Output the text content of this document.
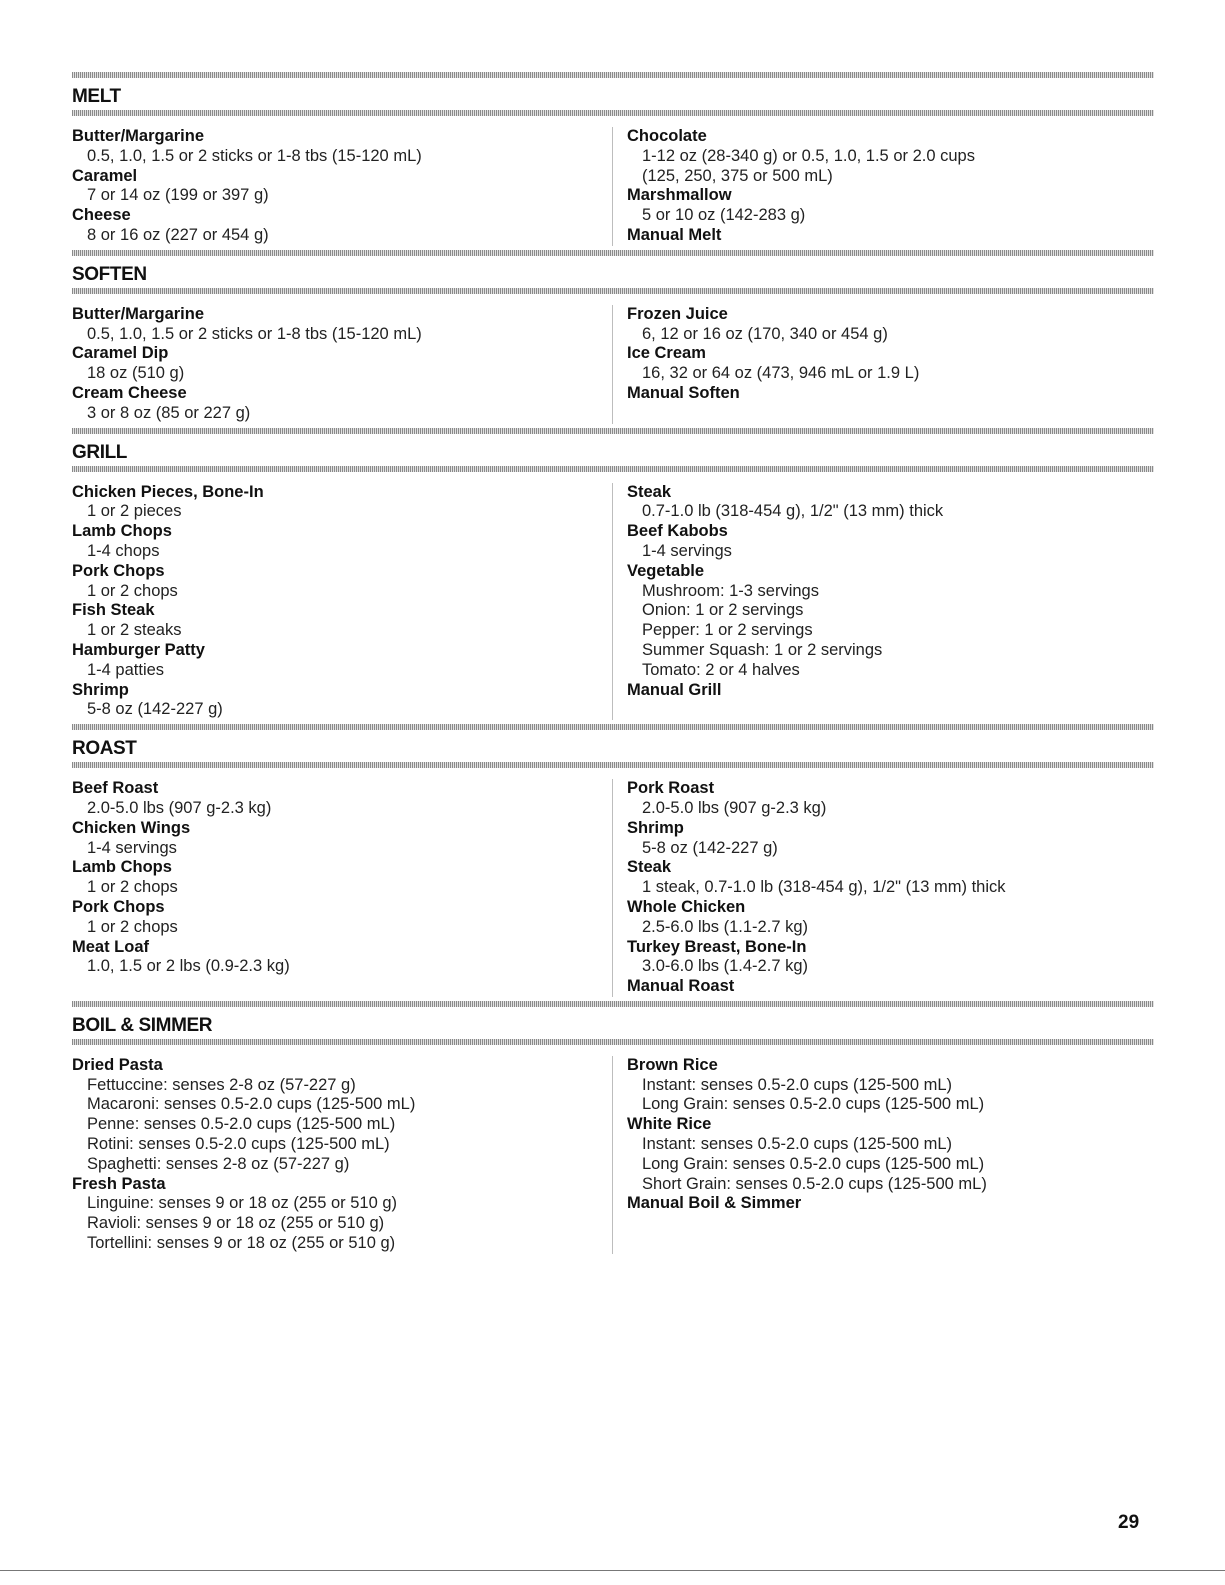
MELT
Butter/Margarine
0.5, 1.0, 1.5 or 2 sticks or 1-8 tbs (15-120 mL)
Caramel
7 or 14 oz (199 or 397 g)
Cheese
8 or 16 oz (227 or 454 g)
Chocolate
1-12 oz (28-340 g) or 0.5, 1.0, 1.5 or 2.0 cups
(125, 250, 375 or 500 mL)
Marshmallow
5 or 10 oz (142-283 g)
Manual Melt
SOFTEN
Butter/Margarine
0.5, 1.0, 1.5 or 2 sticks or 1-8 tbs (15-120 mL)
Caramel Dip
18 oz (510 g)
Cream Cheese
3 or 8 oz (85 or 227 g)
Frozen Juice
6, 12 or 16 oz (170, 340 or 454 g)
Ice Cream
16, 32 or 64 oz (473, 946 mL or 1.9 L)
Manual Soften
GRILL
Chicken Pieces, Bone-In
1 or 2 pieces
Lamb Chops
1-4 chops
Pork Chops
1 or 2 chops
Fish Steak
1 or 2 steaks
Hamburger Patty
1-4 patties
Shrimp
5-8 oz (142-227 g)
Steak
0.7-1.0 lb (318-454 g), 1/2" (13 mm) thick
Beef Kabobs
1-4 servings
Vegetable
Mushroom: 1-3 servings
Onion: 1 or 2 servings
Pepper: 1 or 2 servings
Summer Squash: 1 or 2 servings
Tomato: 2 or 4 halves
Manual Grill
ROAST
Beef Roast
2.0-5.0 lbs (907 g-2.3 kg)
Chicken Wings
1-4 servings
Lamb Chops
1 or 2 chops
Pork Chops
1 or 2 chops
Meat Loaf
1.0, 1.5 or 2 lbs (0.9-2.3 kg)
Pork Roast
2.0-5.0 lbs (907 g-2.3 kg)
Shrimp
5-8 oz (142-227 g)
Steak
1 steak, 0.7-1.0 lb (318-454 g), 1/2" (13 mm) thick
Whole Chicken
2.5-6.0 lbs (1.1-2.7 kg)
Turkey Breast, Bone-In
3.0-6.0 lbs (1.4-2.7 kg)
Manual Roast
BOIL & SIMMER
Dried Pasta
Fettuccine: senses 2-8 oz (57-227 g)
Macaroni: senses 0.5-2.0 cups (125-500 mL)
Penne: senses 0.5-2.0 cups (125-500 mL)
Rotini: senses 0.5-2.0 cups (125-500 mL)
Spaghetti: senses 2-8 oz (57-227 g)
Fresh Pasta
Linguine: senses 9 or 18 oz (255 or 510 g)
Ravioli: senses 9 or 18 oz (255 or 510 g)
Tortellini: senses 9 or 18 oz (255 or 510 g)
Brown Rice
Instant: senses 0.5-2.0 cups (125-500 mL)
Long Grain: senses 0.5-2.0 cups (125-500 mL)
White Rice
Instant: senses 0.5-2.0 cups (125-500 mL)
Long Grain: senses 0.5-2.0 cups (125-500 mL)
Short Grain: senses 0.5-2.0 cups (125-500 mL)
Manual Boil & Simmer
29
